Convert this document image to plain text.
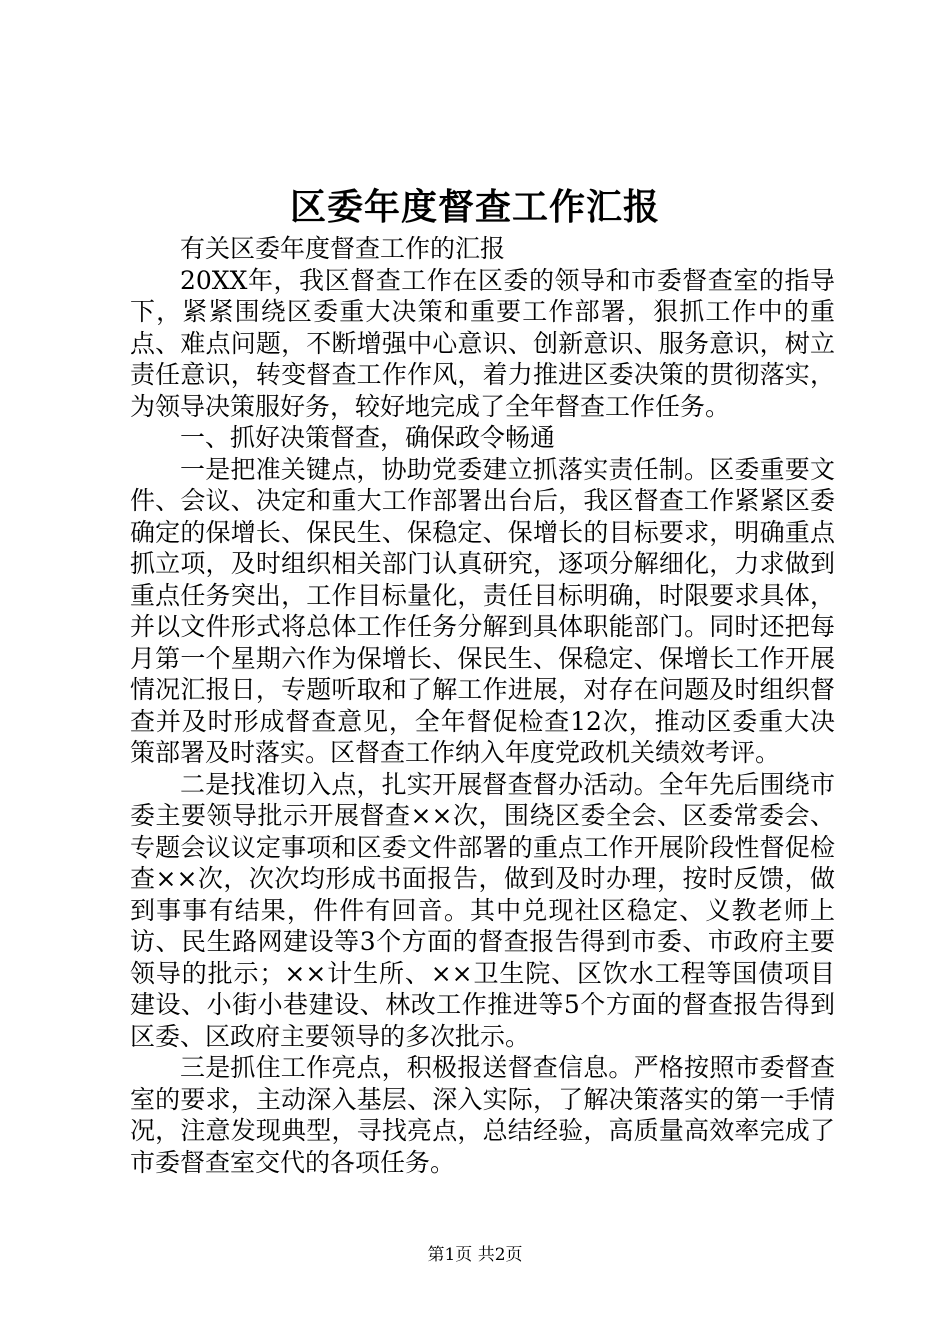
区委年度督查工作汇报

有关区委年度督查工作的汇报

20XX年，我区督查工作在区委的领导和市委督查室的指导下，紧紧围绕区委重大决策和重要工作部署，狠抓工作中的重点、难点问题，不断增强中心意识、创新意识、服务意识，树立责任意识，转变督查工作作风，着力推进区委决策的贯彻落实，为领导决策服好务，较好地完成了全年督查工作任务。

一、抓好决策督查，确保政令畅通

一是把准关键点，协助党委建立抓落实责任制。区委重要文件、会议、决定和重大工作部署出台后，我区督查工作紧紧区委确定的保增长、保民生、保稳定、保增长的目标要求，明确重点抓立项，及时组织相关部门认真研究，逐项分解细化，力求做到重点任务突出，工作目标量化，责任目标明确，时限要求具体，并以文件形式将总体工作任务分解到具体职能部门。同时还把每月第一个星期六作为保增长、保民生、保稳定、保增长工作开展情况汇报日，专题听取和了解工作进展，对存在问题及时组织督查并及时形成督查意见，全年督促检查12次，推动区委重大决策部署及时落实。区督查工作纳入年度党政机关绩效考评。

二是找准切入点，扎实开展督查督办活动。全年先后围绕市委主要领导批示开展督查××次，围绕区委全会、区委常委会、专题会议议定事项和区委文件部署的重点工作开展阶段性督促检查××次，次次均形成书面报告，做到及时办理，按时反馈，做到事事有结果，件件有回音。其中兑现社区稳定、义教老师上访、民生路网建设等3个方面的督查报告得到市委、市政府主要领导的批示；××计生所、××卫生院、区饮水工程等国债项目建设、小街小巷建设、林改工作推进等5个方面的督查报告得到区委、区政府主要领导的多次批示。

三是抓住工作亮点，积极报送督查信息。严格按照市委督查室的要求，主动深入基层、深入实际，了解决策落实的第一手情况，注意发现典型，寻找亮点，总结经验，高质量高效率完成了市委督查室交代的各项任务。

第1页 共2页
